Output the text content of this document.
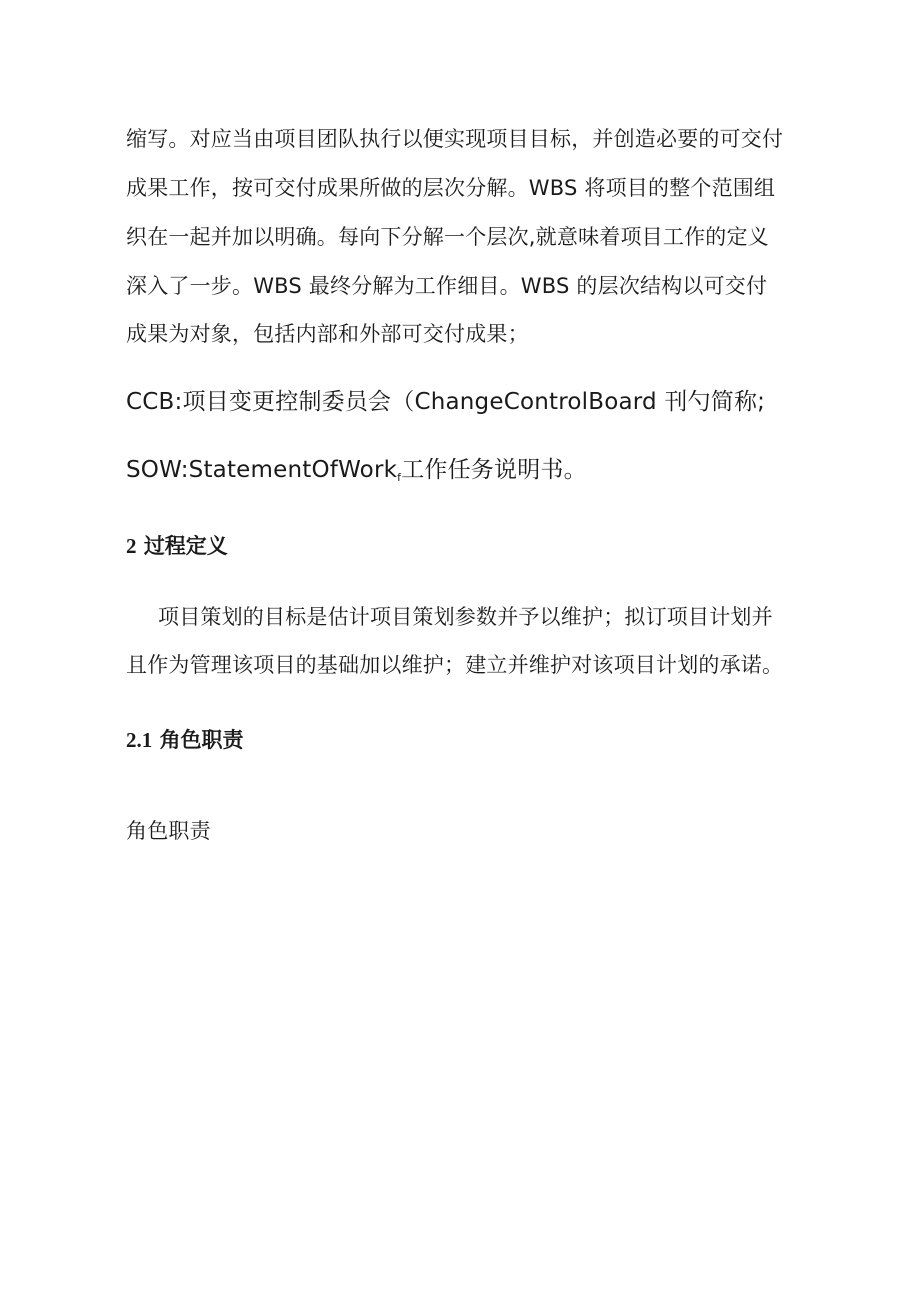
缩写。对应当由项目团队执行以便实现项目目标，并创造必要的可交付
成果工作，按可交付成果所做的层次分解。WBS 将项目的整个范围组
织在一起并加以明确。每向下分解一个层次,就意味着项目工作的定义
深入了一步。WBS 最终分解为工作细目。WBS 的层次结构以可交付
成果为对象，包括内部和外部可交付成果；
CCB:项目变更控制委员会（ChangeControlBoard 刊勺简称;
SOW:StatementOfWork$_f$工作任务说明书。
2 过程定义
项目策划的目标是估计项目策划参数并予以维护；拟订项目计划并
且作为管理该项目的基础加以维护；建立并维护对该项目计划的承诺。
2.1 角色职责
角色职责
